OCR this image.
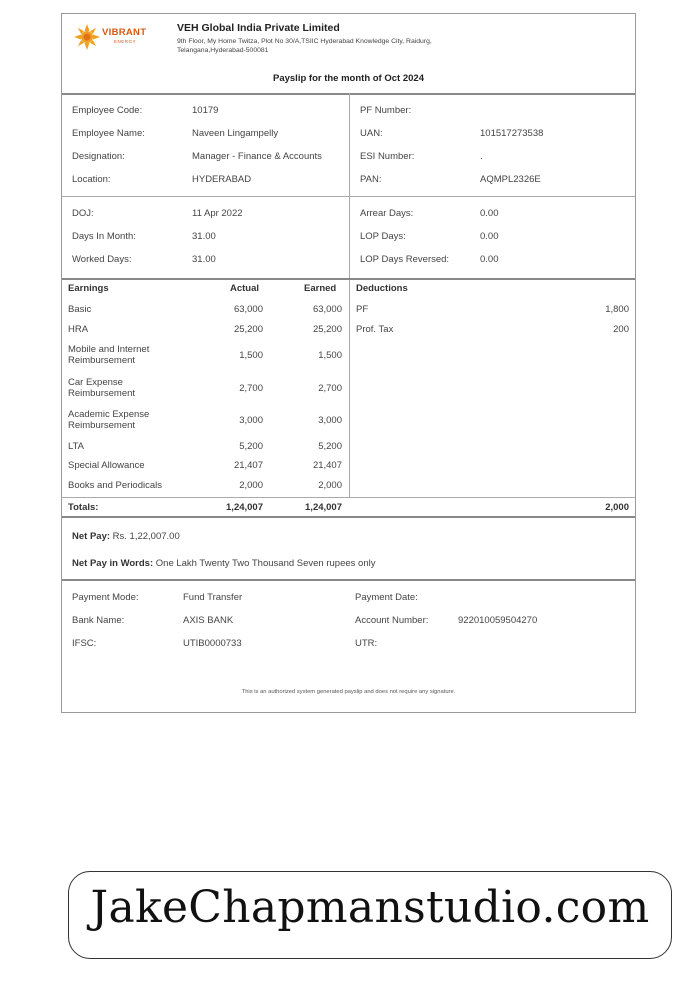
VIBRANT
ENERGY
VEH Global India Private Limited
9th Floor, My Home Twitza, Plot No 30/A,TSIIC Hyderabad Knowledge City, Raidurg,
Telangana,Hyderabad-500081
Payslip for the month of Oct 2024
Employee Code:	10179
Employee Name:	Naveen Lingampelly
Designation:	Manager - Finance & Accounts
Location:	HYDERABAD
PF Number:
UAN:	101517273538
ESI Number:	.
PAN:	AQMPL2326E
DOJ:	11 Apr 2022
Days In Month:	31.00
Worked Days:	31.00
Arrear Days:	0.00
LOP Days:	0.00
LOP Days Reversed:	0.00
Earnings	Actual	Earned Deductions
Basic	63,000	63,000
HRA	25,200	25,200
Mobile and Internet Reimbursement	1,500	1,500
Car Expense Reimbursement	2,700	2,700
Academic Expense Reimbursement	3,000	3,000
LTA	5,200	5,200
Special Allowance	21,407	21,407
Books and Periodicals	2,000	2,000
PF	1,800
Prof. Tax	200
Totals:	1,24,007	1,24,007	2,000
Net Pay: Rs. 1,22,007.00
Net Pay in Words: One Lakh Twenty Two Thousand Seven rupees only
Payment Mode:	Fund Transfer
Bank Name:	AXIS BANK
IFSC:	UTIB0000733
Payment Date:
Account Number:	922010059504270
UTR:
This is an authorized system generated payslip and does not require any signature.
JakeChapmanstudio.com
